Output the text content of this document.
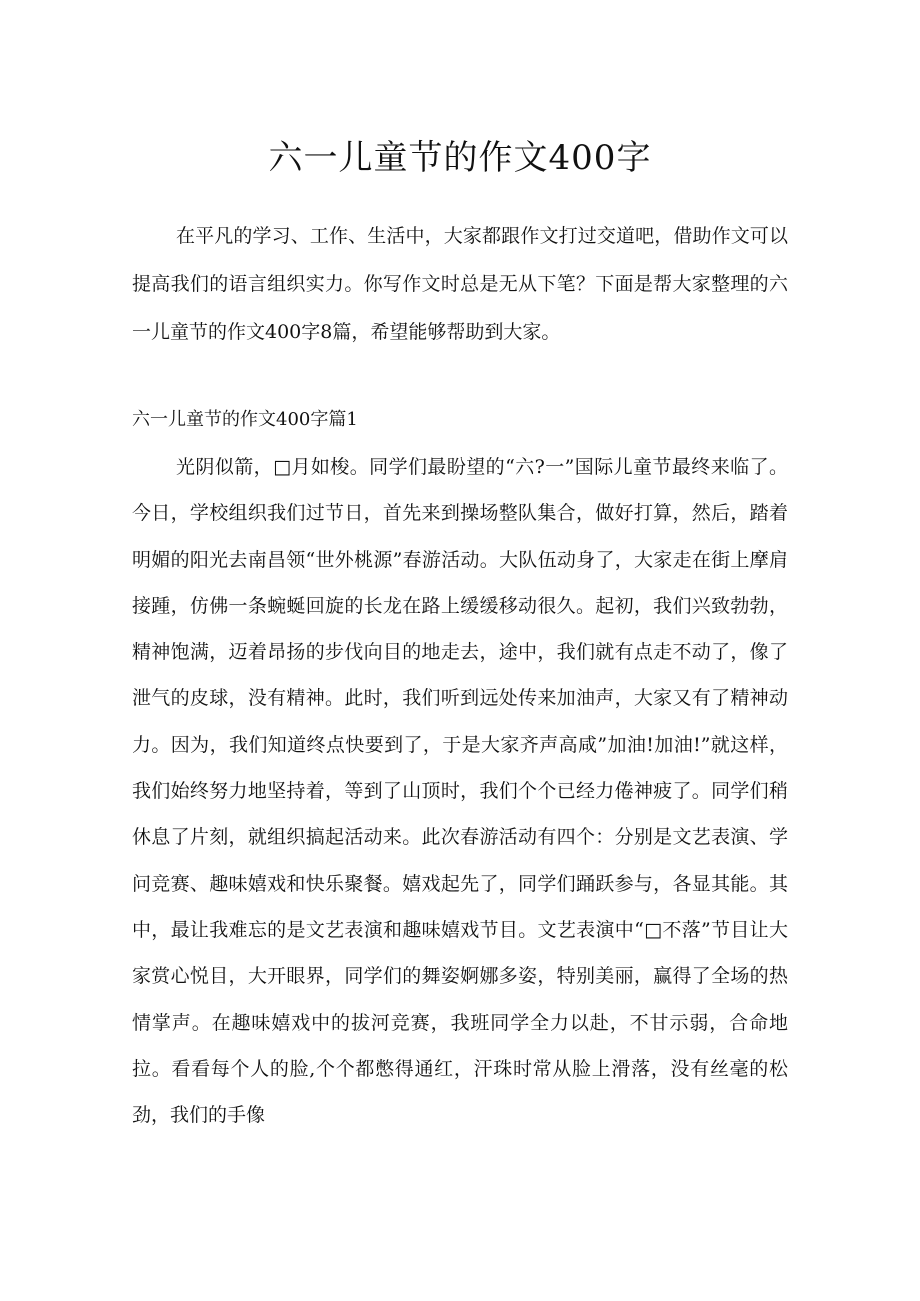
六一儿童节的作文400字

在平凡的学习、工作、生活中，大家都跟作文打过交道吧，借助作文可以提高我们的语言组织实力。你写作文时总是无从下笔？下面是帮大家整理的六一儿童节的作文400字8篇，希望能够帮助到大家。

六一儿童节的作文400字篇1

光阴似箭，□月如梭。同学们最盼望的“六?一”国际儿童节最终来临了。今日，学校组织我们过节日，首先来到操场整队集合，做好打算，然后，踏着明媚的阳光去南昌领“世外桃源”春游活动。大队伍动身了，大家走在街上摩肩接踵，仿佛一条蜿蜒回旋的长龙在路上缓缓移动很久。起初，我们兴致勃勃，精神饱满，迈着昂扬的步伐向目的地走去，途中，我们就有点走不动了，像了泄气的皮球，没有精神。此时，我们听到远处传来加油声，大家又有了精神动力。因为，我们知道终点快要到了，于是大家齐声高咸”加油!加油!”就这样，我们始终努力地坚持着，等到了山顶时，我们个个已经力倦神疲了。同学们稍休息了片刻，就组织搞起活动来。此次春游活动有四个：分别是文艺表演、学问竞赛、趣味嬉戏和快乐聚餐。嬉戏起先了，同学们踊跃参与，各显其能。其中，最让我难忘的是文艺表演和趣味嬉戏节目。文艺表演中“□不落”节目让大家赏心悦目，大开眼界，同学们的舞姿婀娜多姿，特别美丽，赢得了全场的热情掌声。在趣味嬉戏中的拔河竞赛，我班同学全力以赴，不甘示弱，合命地拉。看看每个人的脸,个个都憋得通红，汗珠时常从脸上滑落，没有丝毫的松劲，我们的手像
